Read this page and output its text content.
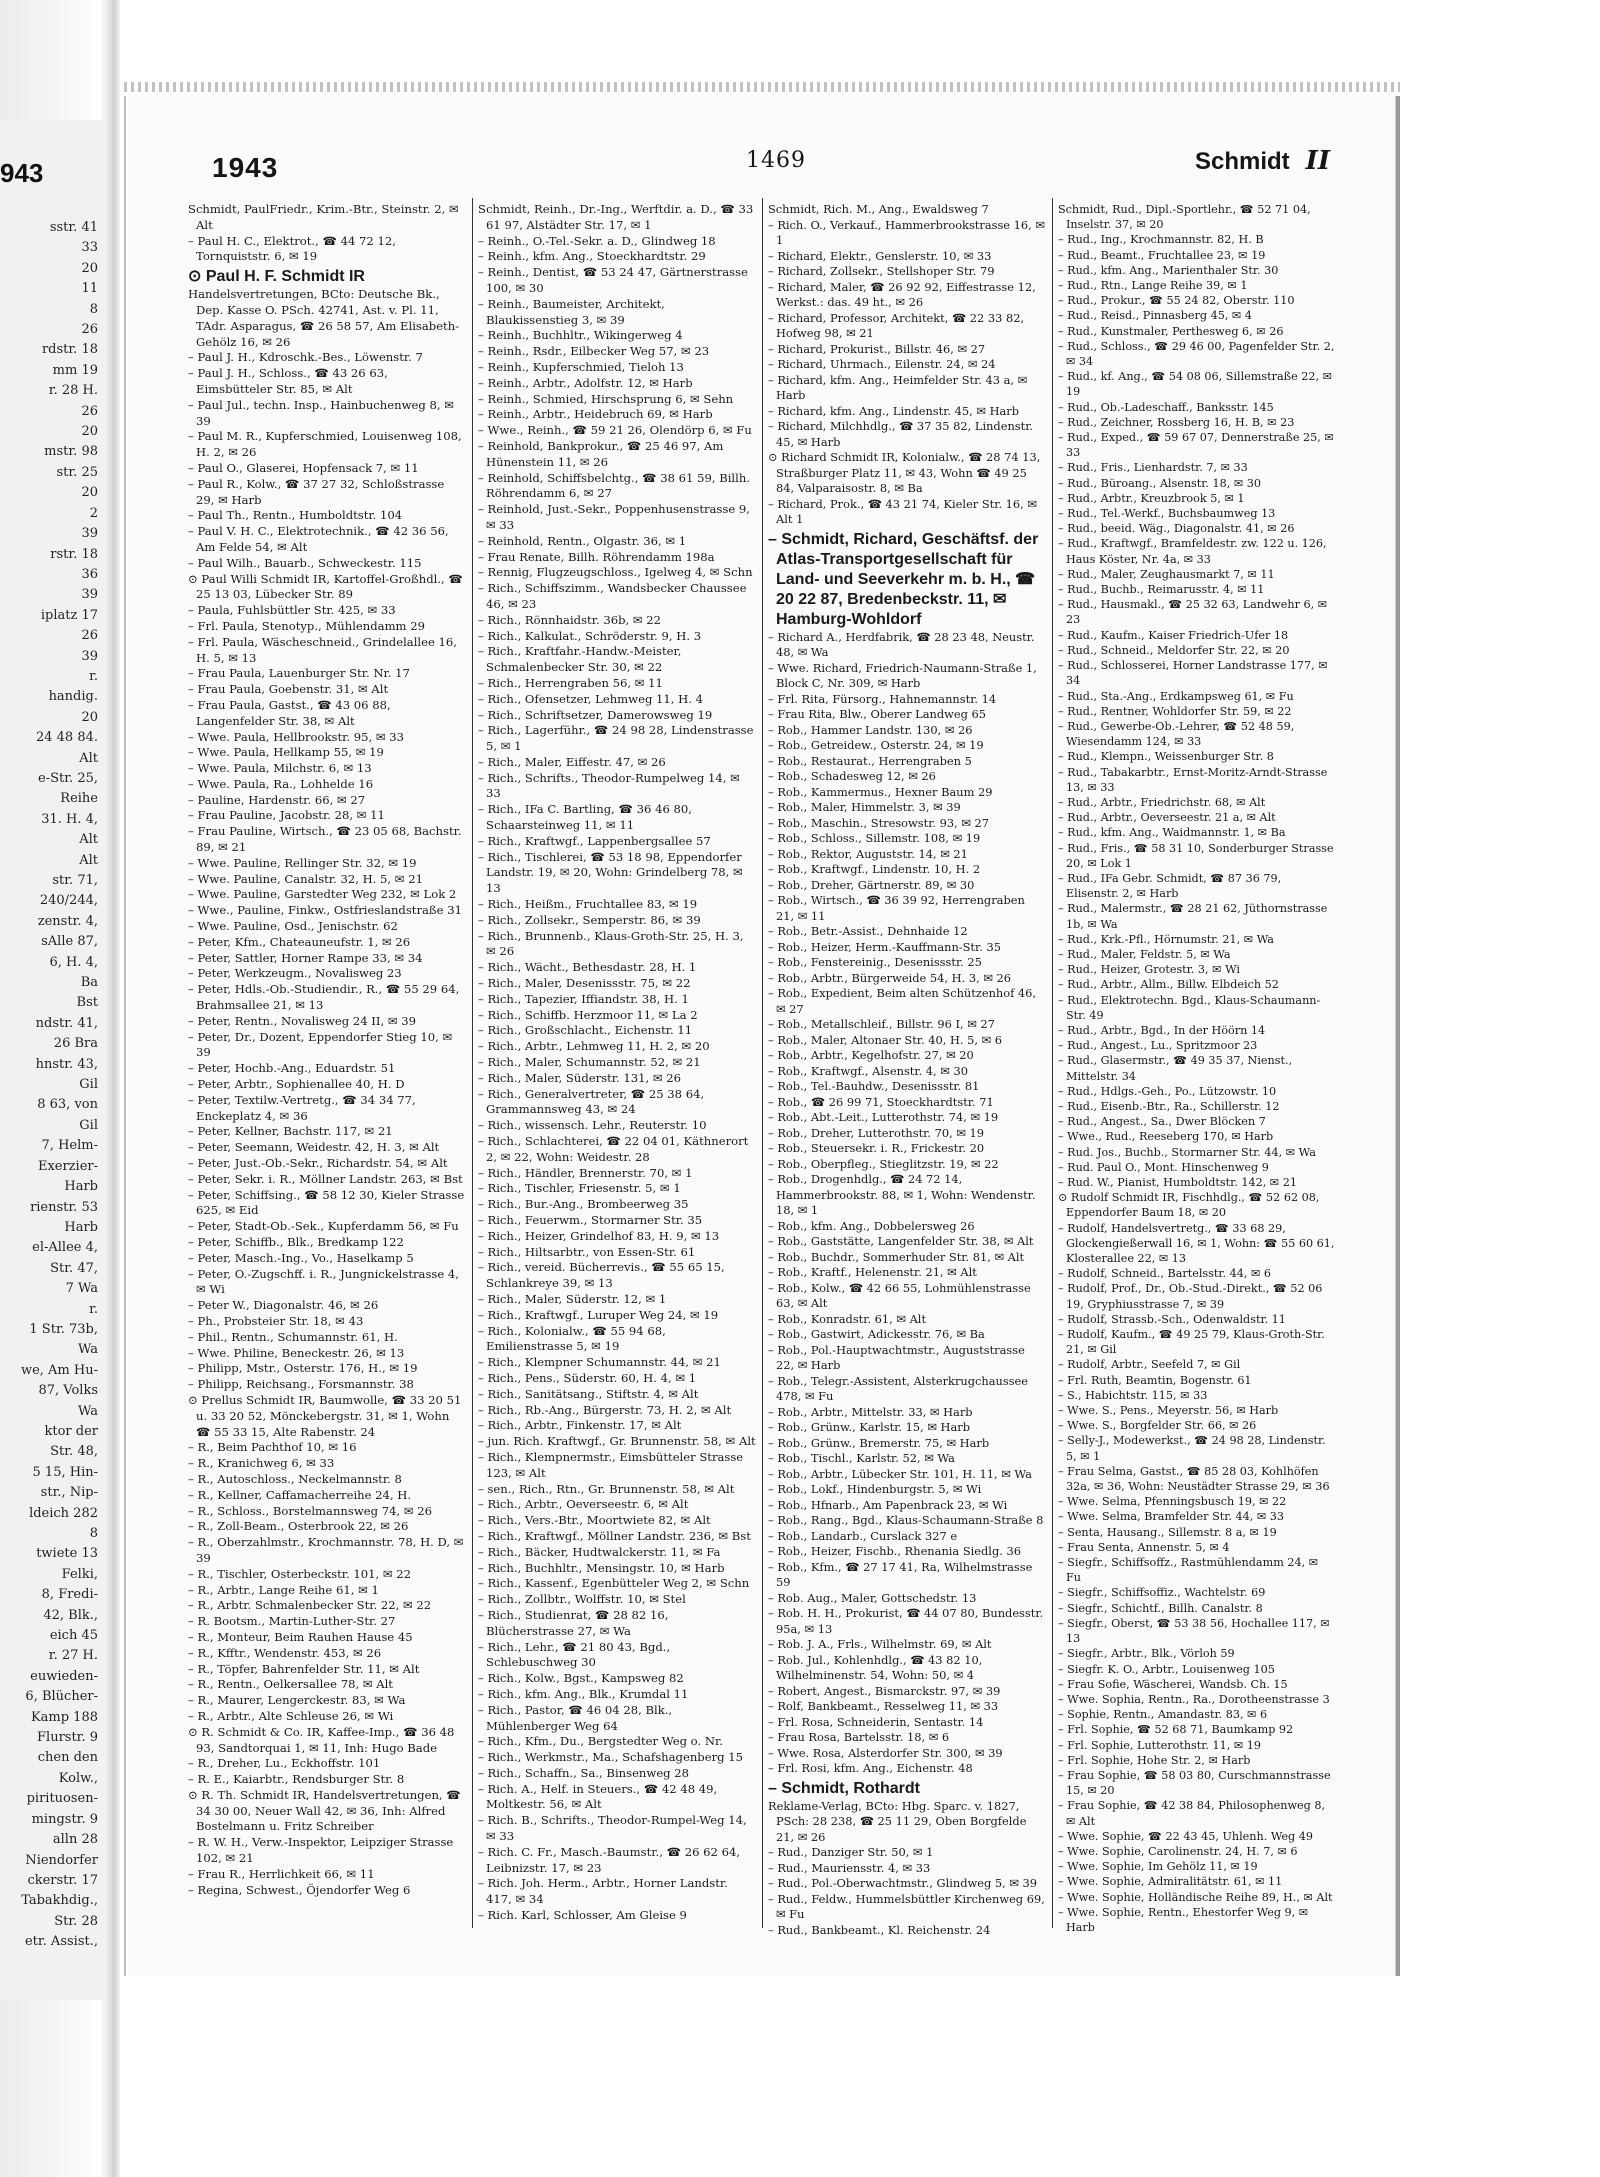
943
sstr. 41
33
20
11
8
26
rdstr. 18
mm 19
r. 28 H.
26
20
mstr. 98
str. 25
20
2
39
rstr. 18
36
39
iplatz 17
26
39
r.
handig.
20
24 48 84.
Alt
e-Str. 25,
Reihe
31. H. 4,
Alt
Alt
str. 71,
240/244,
zenstr. 4,
sAlle 87,
6, H. 4,
Ba
Bst
ndstr. 41,
26 Bra
hnstr. 43,
Gil
8 63, von
Gil
7, Helm-
Exerzier-
Harb
rienstr. 53
Harb
el-Allee 4,
Str. 47,
7 Wa
r.
1 Str. 73b,
Wa
we, Am Hu-
87, Volks
Wa
ktor der
Str. 48,
5 15, Hin-
str., Nip-
ldeich 282
8
twiete 13
Felki,
8, Fredi-
42, Blk.,
eich 45
r. 27 H.
euwieden-
6, Blücher-
Kamp 188
Flurstr. 9
chen den
Kolw.,
pirituosen-
mingstr. 9
alln 28
Niendorfer
ckerstr. 17
Tabakhdig.,
Str. 28
etr. Assist.,
1943	1469	Schmidt II

Schmidt, PaulFriedr., Krim.-Btr., Steinstr. 2, ✉ Alt

– Paul H. C., Elektrot., ☎ 44 72 12, Tornquiststr. 6, ✉ 19

⊙ Paul H. F. Schmidt IR

Handelsvertretungen, BCto: Deutsche Bk., Dep. Kasse O. PSch. 42741, Ast. v. Pl. 11, TAdr. Asparagus, ☎ 26 58 57, Am Elisabeth-Gehölz 16, ✉ 26

– Paul J. H., Kdroschk.-Bes., Löwenstr. 7

– Paul J. H., Schloss., ☎ 43 26 63, Eimsbütteler Str. 85, ✉ Alt

– Paul Jul., techn. Insp., Hainbuchenweg 8, ✉ 39

– Paul M. R., Kupferschmied, Louisenweg 108, H. 2, ✉ 26

– Paul O., Glaserei, Hopfensack 7, ✉ 11

– Paul R., Kolw., ☎ 37 27 32, Schloßstrasse 29, ✉ Harb

– Paul Th., Rentn., Humboldtstr. 104

– Paul V. H. C., Elektrotechnik., ☎ 42 36 56, Am Felde 54, ✉ Alt

– Paul Wilh., Bauarb., Schweckestr. 115

⊙ Paul Willi Schmidt IR, Kartoffel-Großhdl., ☎ 25 13 03, Lübecker Str. 89

– Paula, Fuhlsbüttler Str. 425, ✉ 33

– Frl. Paula, Stenotyp., Mühlendamm 29

– Frl. Paula, Wäscheschneid., Grindelallee 16, H. 5, ✉ 13

– Frau Paula, Lauenburger Str. Nr. 17

– Frau Paula, Goebenstr. 31, ✉ Alt

– Frau Paula, Gastst., ☎ 43 06 88, Langenfelder Str. 38, ✉ Alt

– Wwe. Paula, Hellbrookstr. 95, ✉ 33

– Wwe. Paula, Hellkamp 55, ✉ 19

– Wwe. Paula, Milchstr. 6, ✉ 13

– Wwe. Paula, Ra., Lohhelde 16

– Pauline, Hardenstr. 66, ✉ 27

– Frau Pauline, Jacobstr. 28, ✉ 11

– Frau Pauline, Wirtsch., ☎ 23 05 68, Bachstr. 89, ✉ 21

– Wwe. Pauline, Rellinger Str. 32, ✉ 19

– Wwe. Pauline, Canalstr. 32, H. 5, ✉ 21

– Wwe. Pauline, Garstedter Weg 232, ✉ Lok 2

– Wwe., Pauline, Finkw., Ostfrieslandstraße 31

– Wwe. Pauline, Osd., Jenischstr. 62

– Peter, Kfm., Chateauneufstr. 1, ✉ 26

– Peter, Sattler, Horner Rampe 33, ✉ 34

– Peter, Werkzeugm., Novalisweg 23

– Peter, Hdls.-Ob.-Studiendir., R., ☎ 55 29 64, Brahmsallee 21, ✉ 13

– Peter, Rentn., Novalisweg 24 II, ✉ 39

– Peter, Dr., Dozent, Eppendorfer Stieg 10, ✉ 39

– Peter, Hochb.-Ang., Eduardstr. 51

– Peter, Arbtr., Sophienallee 40, H. D

– Peter, Textilw.-Vertretg., ☎ 34 34 77, Enckeplatz 4, ✉ 36

– Peter, Kellner, Bachstr. 117, ✉ 21

– Peter, Seemann, Weidestr. 42, H. 3, ✉ Alt

– Peter, Just.-Ob.-Sekr., Richardstr. 54, ✉ Alt

– Peter, Sekr. i. R., Möllner Landstr. 263, ✉ Bst

– Peter, Schiffsing., ☎ 58 12 30, Kieler Strasse 625, ✉ Eid

– Peter, Stadt-Ob.-Sek., Kupferdamm 56, ✉ Fu

– Peter, Schiffb., Blk., Bredkamp 122

– Peter, Masch.-Ing., Vo., Haselkamp 5

– Peter, O.-Zugschff. i. R., Jungnickelstrasse 4, ✉ Wi

– Peter W., Diagonalstr. 46, ✉ 26

– Ph., Probsteier Str. 18, ✉ 43

– Phil., Rentn., Schumannstr. 61, H.

– Wwe. Philine, Beneckestr. 26, ✉ 13

– Philipp, Mstr., Osterstr. 176, H., ✉ 19

– Philipp, Reichsang., Forsmannstr. 38

⊙ Prellus Schmidt IR, Baumwolle, ☎ 33 20 51 u. 33 20 52, Mönckebergstr. 31, ✉ 1, Wohn ☎ 55 33 15, Alte Rabenstr. 24

– R., Beim Pachthof 10, ✉ 16

– R., Kranichweg 6, ✉ 33

– R., Autoschloss., Neckelmannstr. 8

– R., Kellner, Caffamacherreihe 24, H.

– R., Schloss., Borstelmannsweg 74, ✉ 26

– R., Zoll-Beam., Osterbrook 22, ✉ 26

– R., Oberzahlmstr., Krochmannstr. 78, H. D, ✉ 39

– R., Tischler, Osterbeckstr. 101, ✉ 22

– R., Arbtr., Lange Reihe 61, ✉ 1

– R., Arbtr. Schmalenbecker Str. 22, ✉ 22

– R. Bootsm., Martin-Luther-Str. 27

– R., Monteur, Beim Rauhen Hause 45

– R., Kfftr., Wendenstr. 453, ✉ 26

– R., Töpfer, Bahrenfelder Str. 11, ✉ Alt

– R., Rentn., Oelkersallee 78, ✉ Alt

– R., Maurer, Lengerckestr. 83, ✉ Wa

– R., Arbtr., Alte Schleuse 26, ✉ Wi

⊙ R. Schmidt & Co. IR, Kaffee-Imp., ☎ 36 48 93, Sandtorquai 1, ✉ 11, Inh: Hugo Bade

– R., Dreher, Lu., Eckhoffstr. 101

– R. E., Kaiarbtr., Rendsburger Str. 8

⊙ R. Th. Schmidt IR, Handelsvertretungen, ☎ 34 30 00, Neuer Wall 42, ✉ 36, Inh: Alfred Bostelmann u. Fritz Schreiber

– R. W. H., Verw.-Inspektor, Leipziger Strasse 102, ✉ 21

– Frau R., Herrlichkeit 66, ✉ 11

– Regina, Schwest., Öjendorfer Weg 6

Schmidt, Reinh., Dr.-Ing., Werftdir. a. D., ☎ 33 61 97, Alstädter Str. 17, ✉ 1

– Reinh., O.-Tel.-Sekr. a. D., Glindweg 18

– Reinh., kfm. Ang., Stoeckhardtstr. 29

– Reinh., Dentist, ☎ 53 24 47, Gärtnerstrasse 100, ✉ 30

– Reinh., Baumeister, Architekt, Blaukissenstieg 3, ✉ 39

– Reinh., Buchhltr., Wikingerweg 4

– Reinh., Rsdr., Eilbecker Weg 57, ✉ 23

– Reinh., Kupferschmied, Tieloh 13

– Reinh., Arbtr., Adolfstr. 12, ✉ Harb

– Reinh., Schmied, Hirschsprung 6, ✉ Sehn

– Reinh., Arbtr., Heidebruch 69, ✉ Harb

– Wwe., Reinh., ☎ 59 21 26, Olendörp 6, ✉ Fu

– Reinhold, Bankprokur., ☎ 25 46 97, Am Hünenstein 11, ✉ 26

– Reinhold, Schiffsbelchtg., ☎ 38 61 59, Billh. Röhrendamm 6, ✉ 27

– Reinhold, Just.-Sekr., Poppenhusenstrasse 9, ✉ 33

– Reinhold, Rentn., Olgastr. 36, ✉ 1

– Frau Renate, Billh. Röhrendamm 198a

– Rennig, Flugzeugschloss., Igelweg 4, ✉ Schn

– Rich., Schiffszimm., Wandsbecker Chaussee 46, ✉ 23

– Rich., Rönnhaidstr. 36b, ✉ 22

– Rich., Kalkulat., Schröderstr. 9, H. 3

– Rich., Kraftfahr.-Handw.-Meister, Schmalenbecker Str. 30, ✉ 22

– Rich., Herrengraben 56, ✉ 11

– Rich., Ofensetzer, Lehmweg 11, H. 4

– Rich., Schriftsetzer, Damerowsweg 19

– Rich., Lagerführ., ☎ 24 98 28, Lindenstrasse 5, ✉ 1

– Rich., Maler, Eiffestr. 47, ✉ 26

– Rich., Schrifts., Theodor-Rumpelweg 14, ✉ 33

– Rich., IFa C. Bartling, ☎ 36 46 80, Schaarsteinweg 11, ✉ 11

– Rich., Kraftwgf., Lappenbergsallee 57

– Rich., Tischlerei, ☎ 53 18 98, Eppendorfer Landstr. 19, ✉ 20, Wohn: Grindelberg 78, ✉ 13

– Rich., Heißm., Fruchtallee 83, ✉ 19

– Rich., Zollsekr., Semperstr. 86, ✉ 39

– Rich., Brunnenb., Klaus-Groth-Str. 25, H. 3, ✉ 26

– Rich., Wächt., Bethesdastr. 28, H. 1

– Rich., Maler, Desenissstr. 75, ✉ 22

– Rich., Tapezier, Iffiandstr. 38, H. 1

– Rich., Schiffb. Herzmoor 11, ✉ La 2

– Rich., Großschlacht., Eichenstr. 11

– Rich., Arbtr., Lehmweg 11, H. 2, ✉ 20

– Rich., Maler, Schumannstr. 52, ✉ 21

– Rich., Maler, Süderstr. 131, ✉ 26

– Rich., Generalvertreter, ☎ 25 38 64, Grammannsweg 43, ✉ 24

– Rich., wissensch. Lehr., Reuterstr. 10

– Rich., Schlachterei, ☎ 22 04 01, Käthnerort 2, ✉ 22, Wohn: Weidestr. 28

– Rich., Händler, Brennerstr. 70, ✉ 1

– Rich., Tischler, Friesenstr. 5, ✉ 1

– Rich., Bur.-Ang., Brombeerweg 35

– Rich., Feuerwm., Stormarner Str. 35

– Rich., Heizer, Grindelhof 83, H. 9, ✉ 13

– Rich., Hiltsarbtr., von Essen-Str. 61

– Rich., vereid. Bücherrevis., ☎ 55 65 15, Schlankreye 39, ✉ 13

– Rich., Maler, Süderstr. 12, ✉ 1

– Rich., Kraftwgf., Luruper Weg 24, ✉ 19

– Rich., Kolonialw., ☎ 55 94 68, Emilienstrasse 5, ✉ 19

– Rich., Klempner Schumannstr. 44, ✉ 21

– Rich., Pens., Süderstr. 60, H. 4, ✉ 1

– Rich., Sanitätsang., Stiftstr. 4, ✉ Alt

– Rich., Rb.-Ang., Bürgerstr. 73, H. 2, ✉ Alt

– Rich., Arbtr., Finkenstr. 17, ✉ Alt

– jun. Rich. Kraftwgf., Gr. Brunnenstr. 58, ✉ Alt

– Rich., Klempnermstr., Eimsbütteler Strasse 123, ✉ Alt

– sen., Rich., Rtn., Gr. Brunnenstr. 58, ✉ Alt

– Rich., Arbtr., Oeverseestr. 6, ✉ Alt

– Rich., Vers.-Btr., Moortwiete 82, ✉ Alt

– Rich., Kraftwgf., Möllner Landstr. 236, ✉ Bst

– Rich., Bäcker, Hudtwalckerstr. 11, ✉ Fa

– Rich., Buchhltr., Mensingstr. 10, ✉ Harb

– Rich., Kassenf., Egenbütteler Weg 2, ✉ Schn

– Rich., Zollbtr., Wolffstr. 10, ✉ Stel

– Rich., Studienrat, ☎ 28 82 16, Blücherstrasse 27, ✉ Wa

– Rich., Lehr., ☎ 21 80 43, Bgd., Schlebuschweg 30

– Rich., Kolw., Bgst., Kampsweg 82

– Rich., kfm. Ang., Blk., Krumdal 11

– Rich., Pastor, ☎ 46 04 28, Blk., Mühlenberger Weg 64

– Rich., Kfm., Du., Bergstedter Weg o. Nr.

– Rich., Werkmstr., Ma., Schafshagenberg 15

– Rich., Schaffn., Sa., Binsenweg 28

– Rich. A., Helf. in Steuers., ☎ 42 48 49, Moltkestr. 56, ✉ Alt

– Rich. B., Schrifts., Theodor-Rumpel-Weg 14, ✉ 33

– Rich. C. Fr., Masch.-Baumstr., ☎ 26 62 64, Leibnizstr. 17, ✉ 23

– Rich. Joh. Herm., Arbtr., Horner Landstr. 417, ✉ 34

– Rich. Karl, Schlosser, Am Gleise 9

Schmidt, Rich. M., Ang., Ewaldsweg 7

– Rich. O., Verkauf., Hammerbrookstrasse 16, ✉ 1

– Richard, Elektr., Genslerstr. 10, ✉ 33

– Richard, Zollsekr., Stellshoper Str. 79

– Richard, Maler, ☎ 26 92 92, Eiffestrasse 12, Werkst.: das. 49 ht., ✉ 26

– Richard, Professor, Architekt, ☎ 22 33 82, Hofweg 98, ✉ 21

– Richard, Prokurist., Billstr. 46, ✉ 27

– Richard, Uhrmach., Eilenstr. 24, ✉ 24

– Richard, kfm. Ang., Heimfelder Str. 43 a, ✉ Harb

– Richard, kfm. Ang., Lindenstr. 45, ✉ Harb

– Richard, Milchhdlg., ☎ 37 35 82, Lindenstr. 45, ✉ Harb

⊙ Richard Schmidt IR, Kolonialw., ☎ 28 74 13, Straßburger Platz 11, ✉ 43, Wohn ☎ 49 25 84, Valparaisostr. 8, ✉ Ba

– Richard, Prok., ☎ 43 21 74, Kieler Str. 16, ✉ Alt 1

– Schmidt, Richard, Geschäftsf. der Atlas-Transportgesellschaft für Land- und Seeverkehr m. b. H., ☎ 20 22 87, Bredenbeckstr. 11, ✉ Hamburg-Wohldorf

– Richard A., Herdfabrik, ☎ 28 23 48, Neustr. 48, ✉ Wa

– Wwe. Richard, Friedrich-Naumann-Straße 1, Block C, Nr. 309, ✉ Harb

– Frl. Rita, Fürsorg., Hahnemannstr. 14

– Frau Rita, Blw., Oberer Landweg 65

– Rob., Hammer Landstr. 130, ✉ 26

– Rob., Getreidew., Osterstr. 24, ✉ 19

– Rob., Restaurat., Herrengraben 5

– Rob., Schadesweg 12, ✉ 26

– Rob., Kammermus., Hexner Baum 29

– Rob., Maler, Himmelstr. 3, ✉ 39

– Rob., Maschin., Stresowstr. 93, ✉ 27

– Rob., Schloss., Sillemstr. 108, ✉ 19

– Rob., Rektor, Auguststr. 14, ✉ 21

– Rob., Kraftwgf., Lindenstr. 10, H. 2

– Rob., Dreher, Gärtnerstr. 89, ✉ 30

– Rob., Wirtsch., ☎ 36 39 92, Herrengraben 21, ✉ 11

– Rob., Betr.-Assist., Dehnhaide 12

– Rob., Heizer, Herm.-Kauffmann-Str. 35

– Rob., Fenstereinig., Desenissstr. 25

– Rob., Arbtr., Bürgerweide 54, H. 3, ✉ 26

– Rob., Expedient, Beim alten Schützenhof 46, ✉ 27

– Rob., Metallschleif., Billstr. 96 I, ✉ 27

– Rob., Maler, Altonaer Str. 40, H. 5, ✉ 6

– Rob., Arbtr., Kegelhofstr. 27, ✉ 20

– Rob., Kraftwgf., Alsenstr. 4, ✉ 30

– Rob., Tel.-Bauhdw., Desenissstr. 81

– Rob., ☎ 26 99 71, Stoeckhardtstr. 71

– Rob., Abt.-Leit., Lutterothstr. 74, ✉ 19

– Rob., Dreher, Lutterothstr. 70, ✉ 19

– Rob., Steuersekr. i. R., Frickestr. 20

– Rob., Oberpfleg., Stieglitzstr. 19, ✉ 22

– Rob., Drogenhdlg., ☎ 24 72 14, Hammerbrookstr. 88, ✉ 1, Wohn: Wendenstr. 18, ✉ 1

– Rob., kfm. Ang., Dobbelersweg 26

– Rob., Gaststätte, Langenfelder Str. 38, ✉ Alt

– Rob., Buchdr., Sommerhuder Str. 81, ✉ Alt

– Rob., Kraftf., Helenenstr. 21, ✉ Alt

– Rob., Kolw., ☎ 42 66 55, Lohmühlenstrasse 63, ✉ Alt

– Rob., Konradstr. 61, ✉ Alt

– Rob., Gastwirt, Adickesstr. 76, ✉ Ba

– Rob., Pol.-Hauptwachtmstr., Auguststrasse 22, ✉ Harb

– Rob., Telegr.-Assistent, Alsterkrugchaussee 478, ✉ Fu

– Rob., Arbtr., Mittelstr. 33, ✉ Harb

– Rob., Grünw., Karlstr. 15, ✉ Harb

– Rob., Grünw., Bremerstr. 75, ✉ Harb

– Rob., Tischl., Karlstr. 52, ✉ Wa

– Rob., Arbtr., Lübecker Str. 101, H. 11, ✉ Wa

– Rob., Lokf., Hindenburgstr. 5, ✉ Wi

– Rob., Hfnarb., Am Papenbrack 23, ✉ Wi

– Rob., Rang., Bgd., Klaus-Schaumann-Straße 8

– Rob., Landarb., Curslack 327 e

– Rob., Heizer, Fischb., Rhenania Siedlg. 36

– Rob., Kfm., ☎ 27 17 41, Ra, Wilhelmstrasse 59

– Rob. Aug., Maler, Gottschedstr. 13

– Rob. H. H., Prokurist, ☎ 44 07 80, Bundesstr. 95a, ✉ 13

– Rob. J. A., Frls., Wilhelmstr. 69, ✉ Alt

– Rob. Jul., Kohlenhdlg., ☎ 43 82 10, Wilhelminenstr. 54, Wohn: 50, ✉ 4

– Robert, Angest., Bismarckstr. 97, ✉ 39

– Rolf, Bankbeamt., Resselweg 11, ✉ 33

– Frl. Rosa, Schneiderin, Sentastr. 14

– Frau Rosa, Bartelsstr. 18, ✉ 6

– Wwe. Rosa, Alsterdorfer Str. 300, ✉ 39

– Frl. Rosi, kfm. Ang., Eichenstr. 48

– Schmidt, Rothardt

Reklame-Verlag, BCto: Hbg. Sparc. v. 1827, PSch: 28 238, ☎ 25 11 29, Oben Borgfelde 21, ✉ 26

– Rud., Danziger Str. 50, ✉ 1

– Rud., Mauriensstr. 4, ✉ 33

– Rud., Pol.-Oberwachtmstr., Glindweg 5, ✉ 39

– Rud., Feldw., Hummelsbüttler Kirchenweg 69, ✉ Fu

– Rud., Bankbeamt., Kl. Reichenstr. 24

Schmidt, Rud., Dipl.-Sportlehr., ☎ 52 71 04, Inselstr. 37, ✉ 20

– Rud., Ing., Krochmannstr. 82, H. B

– Rud., Beamt., Fruchtallee 23, ✉ 19

– Rud., kfm. Ang., Marienthaler Str. 30

– Rud., Rtn., Lange Reihe 39, ✉ 1

– Rud., Prokur., ☎ 55 24 82, Oberstr. 110

– Rud., Reisd., Pinnasberg 45, ✉ 4

– Rud., Kunstmaler, Perthesweg 6, ✉ 26

– Rud., Schloss., ☎ 29 46 00, Pagenfelder Str. 2, ✉ 34

– Rud., kf. Ang., ☎ 54 08 06, Sillemstraße 22, ✉ 19

– Rud., Ob.-Ladeschaff., Banksstr. 145

– Rud., Zeichner, Rossberg 16, H. B, ✉ 23

– Rud., Exped., ☎ 59 67 07, Dennerstraße 25, ✉ 33

– Rud., Fris., Lienhardstr. 7, ✉ 33

– Rud., Büroang., Alsenstr. 18, ✉ 30

– Rud., Arbtr., Kreuzbrook 5, ✉ 1

– Rud., Tel.-Werkf., Buchsbaumweg 13

– Rud., beeid. Wäg., Diagonalstr. 41, ✉ 26

– Rud., Kraftwgf., Bramfeldestr. zw. 122 u. 126, Haus Köster, Nr. 4a, ✉ 33

– Rud., Maler, Zeughausmarkt 7, ✉ 11

– Rud., Buchb., Reimarusstr. 4, ✉ 11

– Rud., Hausmakl., ☎ 25 32 63, Landwehr 6, ✉ 23

– Rud., Kaufm., Kaiser Friedrich-Ufer 18

– Rud., Schneid., Meldorfer Str. 22, ✉ 20

– Rud., Schlosserei, Horner Landstrasse 177, ✉ 34

– Rud., Sta.-Ang., Erdkampsweg 61, ✉ Fu

– Rud., Rentner, Wohldorfer Str. 59, ✉ 22

– Rud., Gewerbe-Ob.-Lehrer, ☎ 52 48 59, Wiesendamm 124, ✉ 33

– Rud., Klempn., Weissenburger Str. 8

– Rud., Tabakarbtr., Ernst-Moritz-Arndt-Strasse 13, ✉ 33

– Rud., Arbtr., Friedrichstr. 68, ✉ Alt

– Rud., Arbtr., Oeverseestr. 21 a, ✉ Alt

– Rud., kfm. Ang., Waidmannstr. 1, ✉ Ba

– Rud., Fris., ☎ 58 31 10, Sonderburger Strasse 20, ✉ Lok 1

– Rud., IFa Gebr. Schmidt, ☎ 87 36 79, Elisenstr. 2, ✉ Harb

– Rud., Malermstr., ☎ 28 21 62, Jüthornstrasse 1b, ✉ Wa

– Rud., Krk.-Pfl., Hörnumstr. 21, ✉ Wa

– Rud., Maler, Feldstr. 5, ✉ Wa

– Rud., Heizer, Grotestr. 3, ✉ Wi

– Rud., Arbtr., Allm., Billw. Elbdeich 52

– Rud., Elektrotechn. Bgd., Klaus-Schaumann-Str. 49

– Rud., Arbtr., Bgd., In der Höörn 14

– Rud., Angest., Lu., Spritzmoor 23

– Rud., Glasermstr., ☎ 49 35 37, Nienst., Mittelstr. 34

– Rud., Hdlgs.-Geh., Po., Lützowstr. 10

– Rud., Eisenb.-Btr., Ra., Schillerstr. 12

– Rud., Angest., Sa., Dwer Blöcken 7

– Wwe., Rud., Reeseberg 170, ✉ Harb

– Rud. Jos., Buchb., Stormarner Str. 44, ✉ Wa

– Rud. Paul O., Mont. Hinschenweg 9

– Rud. W., Pianist, Humboldtstr. 142, ✉ 21

⊙ Rudolf Schmidt IR, Fischhdlg., ☎ 52 62 08, Eppendorfer Baum 18, ✉ 20

– Rudolf, Handelsvertretg., ☎ 33 68 29, Glockengießerwall 16, ✉ 1, Wohn: ☎ 55 60 61, Klosterallee 22, ✉ 13

– Rudolf, Schneid., Bartelsstr. 44, ✉ 6

– Rudolf, Prof., Dr., Ob.-Stud.-Direkt., ☎ 52 06 19, Gryphiusstrasse 7, ✉ 39

– Rudolf, Strassb.-Sch., Odenwaldstr. 11

– Rudolf, Kaufm., ☎ 49 25 79, Klaus-Groth-Str. 21, ✉ Gil

– Rudolf, Arbtr., Seefeld 7, ✉ Gil

– Frl. Ruth, Beamtin, Bogenstr. 61

– S., Habichtstr. 115, ✉ 33

– Wwe. S., Pens., Meyerstr. 56, ✉ Harb

– Wwe. S., Borgfelder Str. 66, ✉ 26

– Selly-J., Modewerkst., ☎ 24 98 28, Lindenstr. 5, ✉ 1

– Frau Selma, Gastst., ☎ 85 28 03, Kohlhöfen 32a, ✉ 36, Wohn: Neustädter Strasse 29, ✉ 36

– Wwe. Selma, Pfenningsbusch 19, ✉ 22

– Wwe. Selma, Bramfelder Str. 44, ✉ 33

– Senta, Hausang., Sillemstr. 8 a, ✉ 19

– Frau Senta, Annenstr. 5, ✉ 4

– Siegfr., Schiffsoffz., Rastmühlendamm 24, ✉ Fu

– Siegfr., Schiffsoffiz., Wachtelstr. 69

– Siegfr., Schichtf., Billh. Canalstr. 8

– Siegfr., Oberst, ☎ 53 38 56, Hochallee 117, ✉ 13

– Siegfr., Arbtr., Blk., Vörloh 59

– Siegfr. K. O., Arbtr., Louisenweg 105

– Frau Sofie, Wäscherei, Wandsb. Ch. 15

– Wwe. Sophia, Rentn., Ra., Dorotheenstrasse 3

– Sophie, Rentn., Amandastr. 83, ✉ 6

– Frl. Sophie, ☎ 52 68 71, Baumkamp 92

– Frl. Sophie, Lutterothstr. 11, ✉ 19

– Frl. Sophie, Hohe Str. 2, ✉ Harb

– Frau Sophie, ☎ 58 03 80, Curschmannstrasse 15, ✉ 20

– Frau Sophie, ☎ 42 38 84, Philosophenweg 8, ✉ Alt

– Wwe. Sophie, ☎ 22 43 45, Uhlenh. Weg 49

– Wwe. Sophie, Carolinenstr. 24, H. 7, ✉ 6

– Wwe. Sophie, Im Gehölz 11, ✉ 19

– Wwe. Sophie, Admiralitätstr. 61, ✉ 11

– Wwe. Sophie, Holländische Reihe 89, H., ✉ Alt

– Wwe. Sophie, Rentn., Ehestorfer Weg 9, ✉ Harb
